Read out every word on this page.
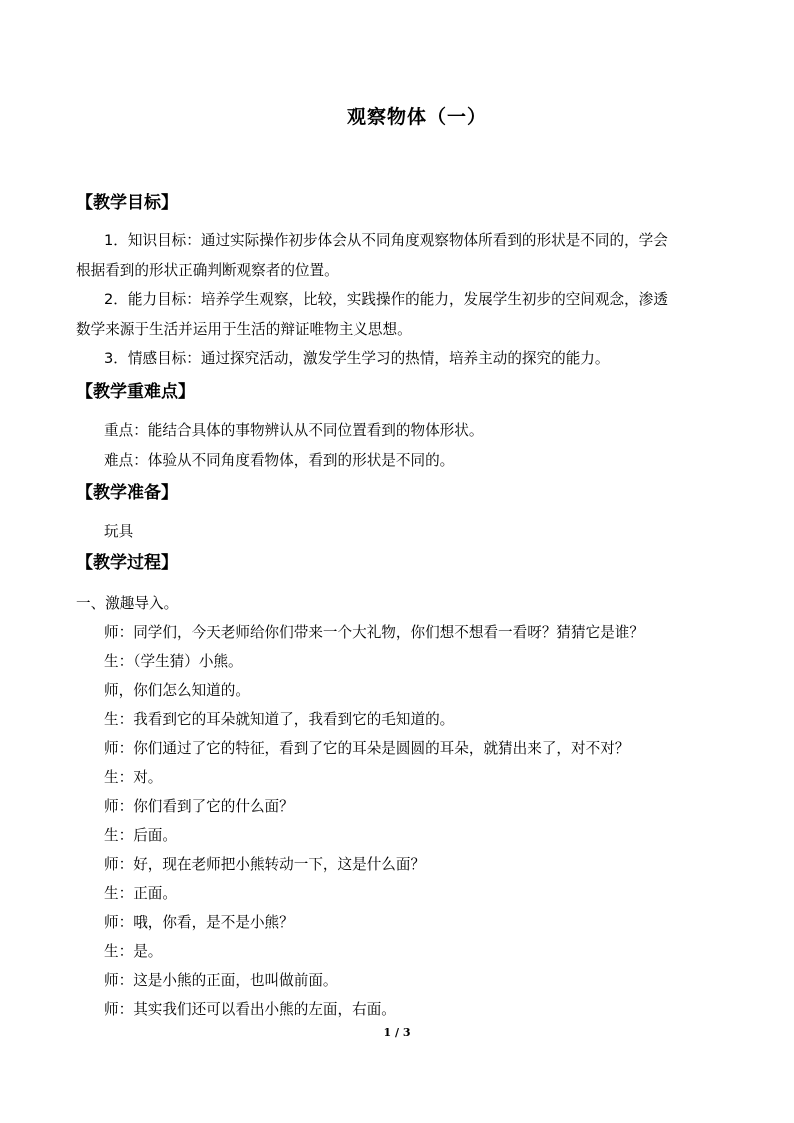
观察物体（一）
【教学目标】
1．知识目标：通过实际操作初步体会从不同角度观察物体所看到的形状是不同的，学会
根据看到的形状正确判断观察者的位置。
2．能力目标：培养学生观察，比较，实践操作的能力，发展学生初步的空间观念，渗透
数学来源于生活并运用于生活的辩证唯物主义思想。
3．情感目标：通过探究活动，激发学生学习的热情，培养主动的探究的能力。
【教学重难点】
重点：能结合具体的事物辨认从不同位置看到的物体形状。
难点：体验从不同角度看物体，看到的形状是不同的。
【教学准备】
玩具
【教学过程】
一、激趣导入。
师：同学们，今天老师给你们带来一个大礼物，你们想不想看一看呀？猜猜它是谁？
生：（学生猜）小熊。
师，你们怎么知道的。
生：我看到它的耳朵就知道了，我看到它的毛知道的。
师：你们通过了它的特征，看到了它的耳朵是圆圆的耳朵，就猜出来了，对不对？
生：对。
师：你们看到了它的什么面？
生：后面。
师：好，现在老师把小熊转动一下，这是什么面？
生：正面。
师：哦，你看，是不是小熊？
生：是。
师：这是小熊的正面，也叫做前面。
师：其实我们还可以看出小熊的左面，右面。
1 / 3
